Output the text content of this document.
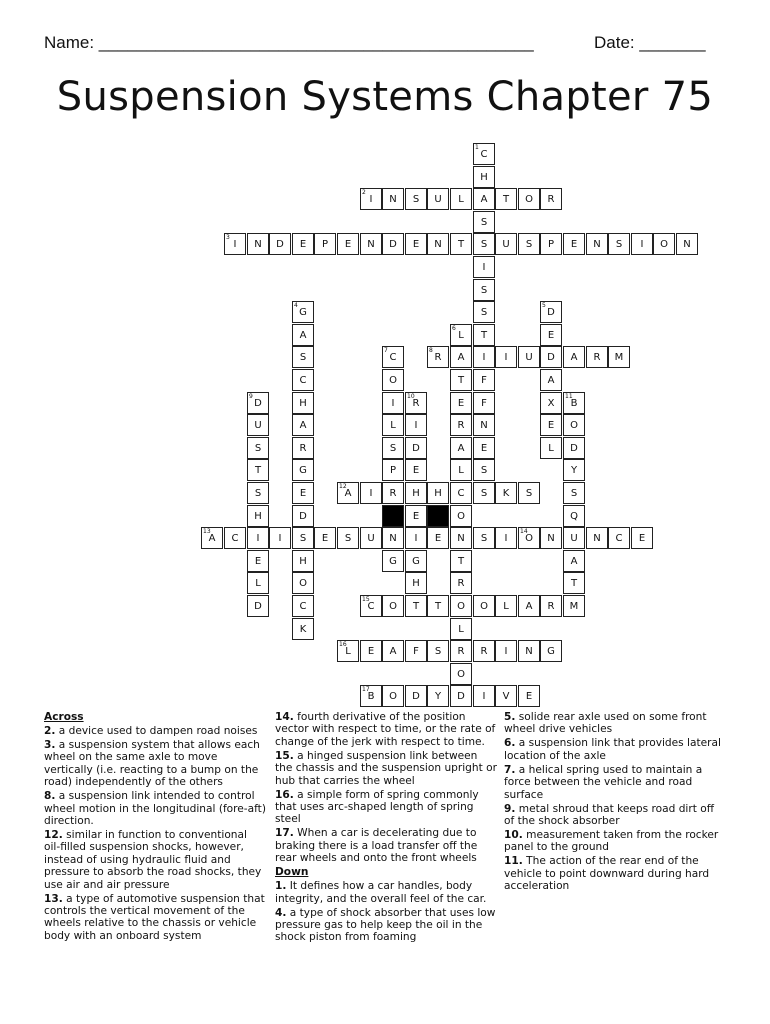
Name: ______________________________________________	Date: _______
Suspension Systems Chapter 75
1
C
H
A
S
S
I
S
S
T
I
F
F
N
E
S
S
2
I N S U L	T O R
3
I N D E P E N D E N T	U S P E N S I O N
4
G
A
S
C
H
A
R
G
E
D
S
H
O
C
K
5
D
E
D
A
X
E
L
6
L
A
T
E
R
A
L
C
O
N
T
R
O
L
R
O
D
7
C
O
I
L
S
P
R
N
G
8
R	I U	A R M
9
D
U
S
T
S
H
I
E
L
D
10
R
I
D
E
H
E
I
G
H
T
11
B
O
D
Y
S
Q
U
A
T
12
A I	H	K S
13
A C	I	E S U	E	S I
14
O N	N C E
15
C O	T	O L A R M
16
L E A F S	R I N G
17
B O D Y	I V E

Across

2. a device used to dampen road noises

3. a suspension system that allows each wheel on the same axle to move vertically (i.e. reacting to a bump on the road) independently of the others

8. a suspension link intended to control wheel motion in the longitudinal (fore-aft) direction.

12. similar in function to conventional oil-filled suspension shocks, however, instead of using hydraulic fluid and pressure to absorb the road shocks, they use air and air pressure

13. a type of automotive suspension that controls the vertical movement of the wheels relative to the chassis or vehicle body with an onboard system

14. fourth derivative of the position vector with respect to time, or the rate of change of the jerk with respect to time.

15. a hinged suspension link between the chassis and the suspension upright or hub that carries the wheel

16. a simple form of spring commonly that uses arc-shaped length of spring steel

17. When a car is decelerating due to braking there is a load transfer off the rear wheels and onto the front wheels

Down

1. It defines how a car handles, body integrity, and the overall feel of the car.

4. a type of shock absorber that uses low pressure gas to help keep the oil in the shock piston from foaming

5. solide rear axle used on some front wheel drive vehicles

6. a suspension link that provides lateral location of the axle

7. a helical spring used to maintain a force between the vehicle and road surface

9. metal shroud that keeps road dirt off of the shock absorber

10. measurement taken from the rocker panel to the ground

11. The action of the rear end of the vehicle to point downward during hard acceleration
